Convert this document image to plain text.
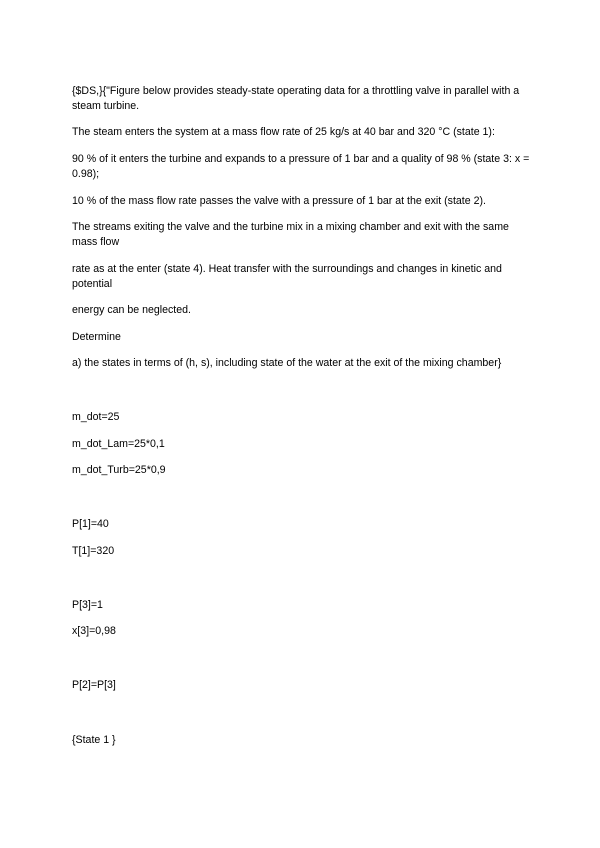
{$DS,}{"Figure below provides steady-state operating data for a throttling valve in parallel with a steam turbine.
The steam enters the system at a mass flow rate of 25 kg/s at 40 bar and 320 °C (state 1):
90 % of it enters the turbine and expands to a pressure of 1 bar and a quality of 98 % (state 3: x = 0.98);
10 % of the mass flow rate passes the valve with a pressure of 1 bar at the exit (state 2).
The streams exiting the valve and the turbine mix in a mixing chamber and exit with the same mass flow
rate as at the enter (state 4). Heat transfer with the surroundings and changes in kinetic and potential
energy can be neglected.
Determine
a) the states in terms of (h, s), including state of the water at the exit of the mixing chamber}
m_dot=25
m_dot_Lam=25*0,1
m_dot_Turb=25*0,9
P[1]=40
T[1]=320
P[3]=1
x[3]=0,98
P[2]=P[3]
{State 1 }
